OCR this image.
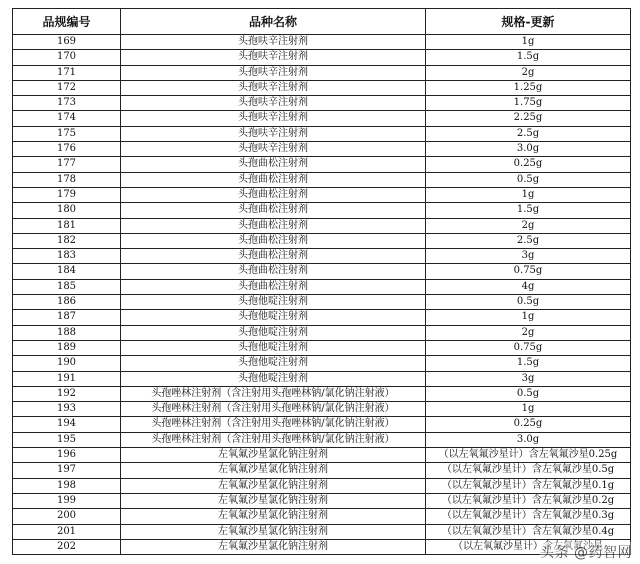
品规编号	品种名称	规格-更新
169	头孢呋辛注射剂	1g
170	头孢呋辛注射剂	1.5g
171	头孢呋辛注射剂	2g
172	头孢呋辛注射剂	1.25g
173	头孢呋辛注射剂	1.75g
174	头孢呋辛注射剂	2.25g
175	头孢呋辛注射剂	2.5g
176	头孢呋辛注射剂	3.0g
177	头孢曲松注射剂	0.25g
178	头孢曲松注射剂	0.5g
179	头孢曲松注射剂	1g
180	头孢曲松注射剂	1.5g
181	头孢曲松注射剂	2g
182	头孢曲松注射剂	2.5g
183	头孢曲松注射剂	3g
184	头孢曲松注射剂	0.75g
185	头孢曲松注射剂	4g
186	头孢他啶注射剂	0.5g
187	头孢他啶注射剂	1g
188	头孢他啶注射剂	2g
189	头孢他啶注射剂	0.75g
190	头孢他啶注射剂	1.5g
191	头孢他啶注射剂	3g
192	头孢唑林注射剂（含注射用头孢唑林钠/氯化钠注射液）	0.5g
193	头孢唑林注射剂（含注射用头孢唑林钠/氯化钠注射液）	1g
194	头孢唑林注射剂（含注射用头孢唑林钠/氯化钠注射液）	0.25g
195	头孢唑林注射剂（含注射用头孢唑林钠/氯化钠注射液）	3.0g
196	左氧氟沙星氯化钠注射剂	（以左氧氟沙星计）含左氧氟沙星0.25g
197	左氧氟沙星氯化钠注射剂	（以左氧氟沙星计）含左氧氟沙星0.5g
198	左氧氟沙星氯化钠注射剂	（以左氧氟沙星计）含左氧氟沙星0.1g
199	左氧氟沙星氯化钠注射剂	（以左氧氟沙星计）含左氧氟沙星0.2g
200	左氧氟沙星氯化钠注射剂	（以左氧氟沙星计）含左氧氟沙星0.3g
201	左氧氟沙星氯化钠注射剂	（以左氧氟沙星计）含左氧氟沙星0.4g
202	左氧氟沙星氯化钠注射剂	（以左氧氟沙星计）含左氧氟沙星
头条 @药智网
